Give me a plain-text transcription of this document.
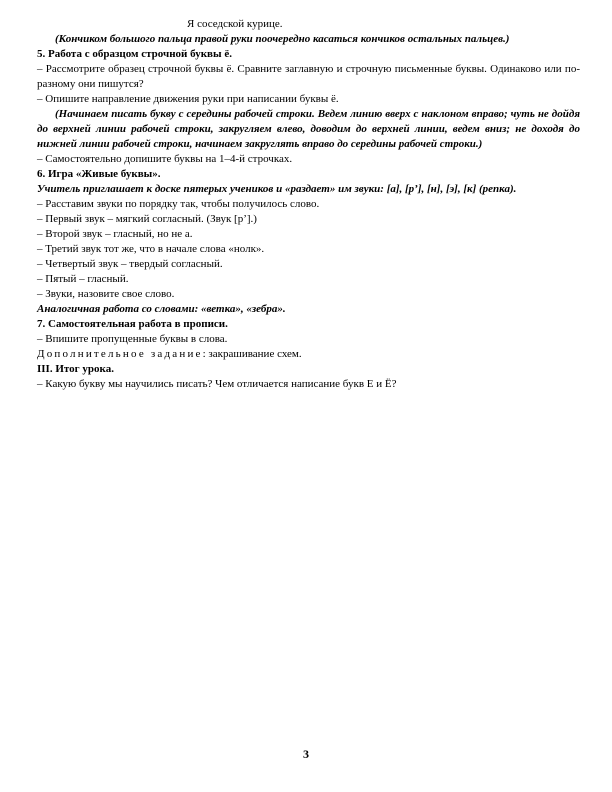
Я соседской курице.

(Кончиком большого пальца правой руки поочередно касаться кончиков остальных пальцев.)

5. Работа с образцом строчной буквы ё.

– Рассмотрите образец строчной буквы ё. Сравните заглавную и строчную письменные буквы. Одинаково или по-разному они пишутся?

– Опишите направление движения руки при написании буквы ё.

(Начинаем писать букву с середины рабочей строки. Ведем линию вверх с наклоном вправо; чуть не дойдя до верхней линии рабочей строки, закругляем влево, доводим до верхней линии, ведем вниз; не доходя до нижней линии рабочей строки, начинаем закруглять вправо до середины рабочей строки.)

– Самостоятельно допишите буквы на 1–4-й строчках.

6. Игра «Живые буквы».

Учитель приглашает к доске пятерых учеников и «раздает» им звуки: [а], [р’], [н], [э], [к] (репка).

– Расставим звуки по порядку так, чтобы получилось слово.

– Первый звук – мягкий согласный. (Звук [р’].)

– Второй звук – гласный, но не а.

– Третий звук тот же, что в начале слова «нолк».

– Четвертый звук – твердый согласный.

– Пятый – гласный.

– Звуки, назовите свое слово.

Аналогичная работа со словами: «ветка», «зебра».

7. Самостоятельная работа в прописи.

– Впишите пропущенные буквы в слова.

Дополнительное задание: закрашивание схем.

III. Итог урока.

– Какую букву мы научились писать? Чем отличается написание букв Е и Ё?

3
